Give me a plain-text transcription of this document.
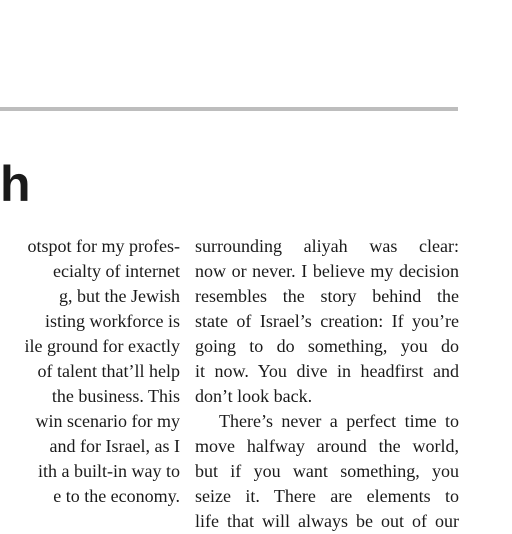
h
otspot for my profes-
ecialty of internet
g, but the Jewish
isting workforce is
ile ground for exactly
of talent that’ll help
the business. This
win scenario for my
and for Israel, as I
ith a built-in way to
e to the economy.
surrounding aliyah was clear:
now or never. I believe my decision
resembles the story behind the
state of Israel’s creation: If you’re
going to do something, you do
it now. You dive in headfirst and
don’t look back.
There’s never a perfect time to
move halfway around the world,
but if you want something, you
seize it. There are elements to
life that will always be out of our
